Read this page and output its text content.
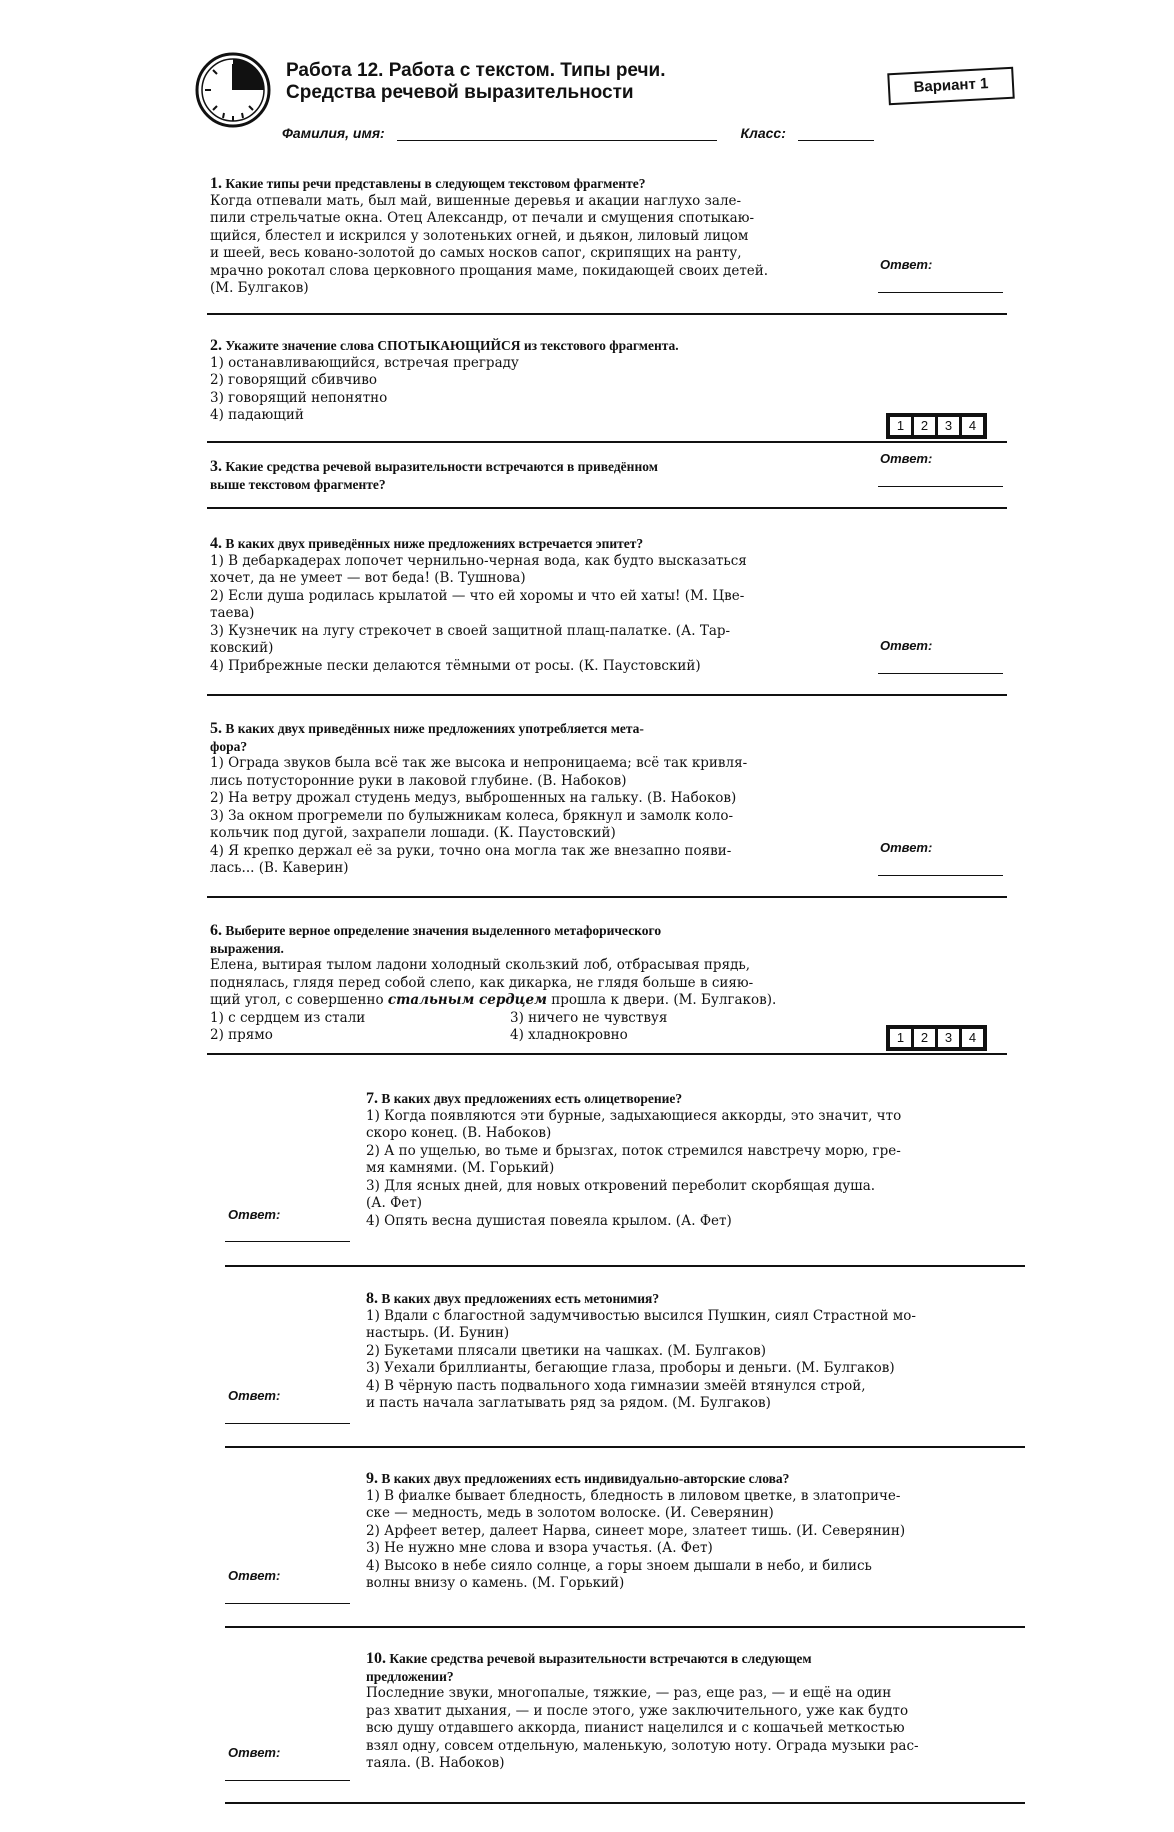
Работа 12. Работа с текстом. Типы речи.
Средства речевой выразительности	Вариант 1
Фамилия, имя:	Класс:

1. Какие типы речи представлены в следующем текстовом фрагменте?

Когда отпевали мать, был май, вишенные деревья и акации наглухо зале-

пили стрельчатые окна. Отец Александр, от печали и смущения спотыкаю-

щийся, блестел и искрился у золотеньких огней, и дьякон, лиловый лицом

и шеей, весь кованo-золотой до самых носков сапог, скрипящих на ранту,

мрачно рокотал слова церковного прощания маме, покидающей своих детей.

(М. Булгаков)

Ответ:

2. Укажите значение слова СПОТЫКАЮЩИЙСЯ из текстового фрагмента.

1) останавливающийся, встречая преграду

2) говорящий сбивчиво

3) говорящий непонятно

4) падающий

1	2	3	4

3. Какие средства речевой выразительности встречаются в приведённом

выше текстовом фрагменте?

Ответ:

4. В каких двух приведённых ниже предложениях встречается эпитет?

1) В дебаркадерах лопочет чернильно-черная вода, как будто высказаться

хочет, да не умеет — вот беда! (В. Тушнова)

2) Если душа родилась крылатой — что ей хоромы и что ей хаты! (М. Цве-

таева)

3) Кузнечик на лугу стрекочет в своей защитной плащ-палатке. (А. Тар-

ковский)

4) Прибрежные пески делаются тёмными от росы. (К. Паустовский)

Ответ:

5. В каких двух приведённых ниже предложениях употребляется мета-

фора?

1) Ограда звуков была всё так же высока и непроницаема; всё так кривля-

лись потусторонние руки в лаковой глубине. (В. Набоков)

2) На ветру дрожал студень медуз, выброшенных на гальку. (В. Набоков)

3) За окном прогремели по булыжникам колеса, брякнул и замолк коло-

кольчик под дугой, захрапели лошади. (К. Паустовский)

4) Я крепко держал её за руки, точно она могла так же внезапно появи-

лась... (В. Каверин)

Ответ:

6. Выберите верное определение значения выделенного метафорического

выражения.

Елена, вытирая тылом ладони холодный скользкий лоб, отбрасывая прядь,

поднялась, глядя перед собой слепо, как дикарка, не глядя больше в сияю-

щий угол, с совершенно стальным сердцем прошла к двери. (М. Булгаков).

1) с сердцем из стали	3) ничего не чувствуя
2) прямо	4) хладнокровно	1	2	3	4

7. В каких двух предложениях есть олицетворение?

1) Когда появляются эти бурные, задыхающиеся аккорды, это значит, что

скоро конец. (В. Набоков)

2) А по ущелью, во тьме и брызгах, поток стремился навстречу морю, гре-

мя камнями. (М. Горький)

3) Для ясных дней, для новых откровений переболит скорбящая душа.

(А. Фет)

4) Опять весна душистая повеяла крылом. (А. Фет)

Ответ:

8. В каких двух предложениях есть метонимия?

1) Вдали с благостной задумчивостью высился Пушкин, сиял Страстной мо-

настырь. (И. Бунин)

2) Букетами плясали цветики на чашках. (М. Булгаков)

3) Уехали бриллианты, бегающие глаза, проборы и деньги. (М. Булгаков)

4) В чёрную пасть подвального хода гимназии змеёй втянулся строй,

и пасть начала заглатывать ряд за рядом. (М. Булгаков)

Ответ:

9. В каких двух предложениях есть индивидуально-авторские слова?

1) В фиалке бывает бледность, бледность в лиловом цветке, в златоприче-

ске — медность, медь в золотом волоске. (И. Северянин)

2) Арфеет ветер, далеет Нарва, синеет море, златеет тишь. (И. Северянин)

3) Не нужно мне слова и взора участья. (А. Фет)

4) Высоко в небе сияло солнце, а горы зноем дышали в небо, и бились

волны внизу о камень. (М. Горький)

Ответ:

10. Какие средства речевой выразительности встречаются в следующем

предложении?

Последние звуки, многопалые, тяжкие, — раз, еще раз, — и ещё на один

раз хватит дыхания, — и после этого, уже заключительного, уже как будто

всю душу отдавшего аккорда, пианист нацелился и с кошачьей меткостью

взял одну, совсем отдельную, маленькую, золотую ноту. Ограда музыки рас-

таяла. (В. Набоков)

Ответ:
